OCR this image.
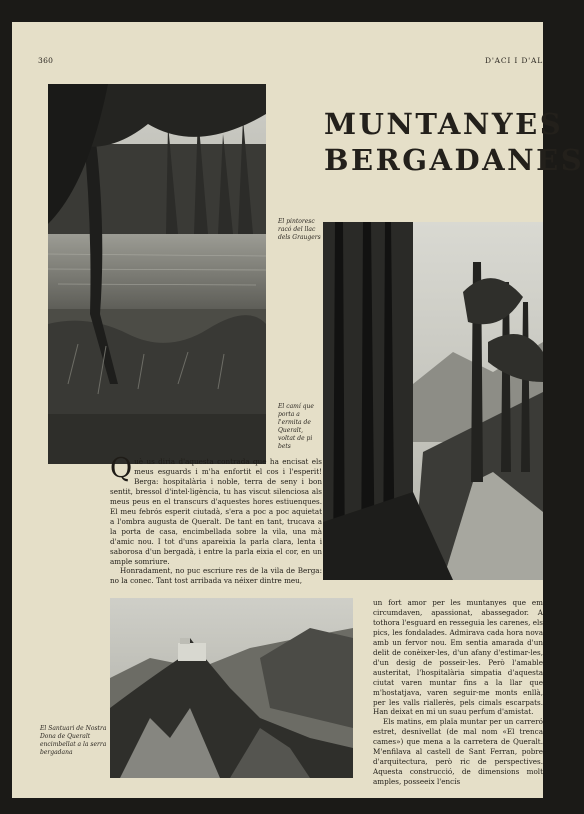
360	D'ACI I D'AL
MUNTANYES
BERGADANES
El pintoresc racó del llac dels Graugers
El camí que porta a l'ermita de Queralt, voltat de pi bets

Què us diria d'aquesta contrada que ha encisat els meus esguards i m'ha enfortit el cos i l'esperit! Berga: hospitalària i noble, terra de seny i bon sentit, bressol d'intel·ligència, tu has viscut silenciosa als meus peus en el transcurs d'aquestes hores estiuenques. El meu febrós esperit ciutadà, s'era a poc a poc aquietat a l'ombra augusta de Queralt. De tant en tant, trucava a la porta de casa, encimbellada sobre la vila, una mà d'amic nou. I tot d'uns apareixia la parla clara, lenta i saborosa d'un bergadà, i entre la parla eixia el cor, en un ample somriure.

Honradament, no puc escriure res de la vila de Berga: no la conec. Tant tost arribada va néixer dintre meu,

El Santuari de Nostra Dona de Queralt encimbellat a la serra bergadana

un fort amor per les muntanyes que em circumdaven, apassionat, abassegador. A tothora l'esguard en resseguia les carenes, els pics, les fondalades. Admirava cada hora nova amb un fervor nou. Em sentia amarada d'un delit de conèixer-les, d'un afany d'estimar-les, d'un desig de posseir-les. Però l'amable austeritat, l'hospitalària simpatia d'aquesta ciutat varen muntar fins a la llar que m'hostatjava, varen seguir-me monts enllà, per les valls riallerès, pels cimals escarpats. Han deixat en mi un suau perfum d'amistat.

Els matins, em plaïa muntar per un carreró estret, desnivellat (de mal nom «El trenca cames») que mena a la carretera de Queralt. M'enfilava al castell de Sant Ferran, pobre d'arquitectura, però ric de perspectives. Aquesta construcció, de dimensions molt amples, posseeix l'encís
